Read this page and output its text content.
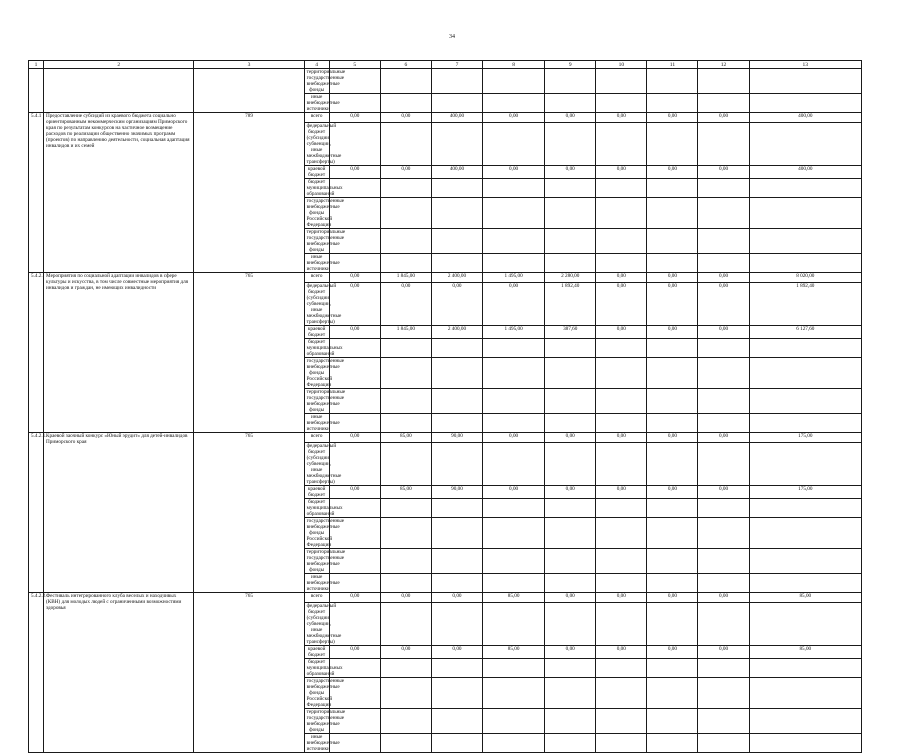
34
1	2	3	4	5	6	7	8	9	10	11	12	13
			территориальные государственные внебюджетные фонды									
			иные внебюджетные источники									
5.4.1	Предоставление субсидий из краевого бюджета социально ориентированным некоммерческим организациям Приморского края по результатам конкурсов на частичное возмещение расходов по реализации общественно значимых программ (проектов) по направлению деятельности, социальная адаптация инвалидов и их семей	789	всего	0,00	0,00	400,00	0,00	0,00	0,00	0,00	0,00	400,00
			федеральный бюджет (субсидии, субвенции, иные межбюджетные трансферты)									
			краевой бюджет	0,00	0,00	400,00	0,00	0,00	0,00	0,00	0,00	400,00
			бюджет муниципальных образований									
			государственные внебюджетные фонды Российской Федерации									
			территориальные государственные внебюджетные фонды									
			иные внебюджетные источники									
5.4.2.	Мероприятия по социальной адаптации инвалидов в сфере культуры и искусства, в том числе совместные мероприятия для инвалидов и граждан, не имеющих инвалидности	765	всего	0,00	1 845,00	2 400,00	1 495,00	2 280,00	0,00	0,00	0,00	8 020,00
			федеральный бюджет (субсидии, субвенции, иные межбюджетные трансферты)	0,00	0,00	0,00	0,00	1 892,40	0,00	0,00	0,00	1 892,40
			краевой бюджет	0,00	1 845,00	2 400,00	1 495,00	387,60	0,00	0,00	0,00	6 127,60
			бюджет муниципальных образований									
			государственные внебюджетные фонды Российской Федерации									
			территориальные государственные внебюджетные фонды									
			иные внебюджетные источники									
5.4.2.1.	Краевой заочный конкурс «Юный эрудит» для детей-инвалидов Приморского края	765	всего	0,00	85,00	90,00	0,00	0,00	0,00	0,00	0,00	175,00
			федеральный бюджет (субсидии, субвенции, иные межбюджетные трансферты)									
			краевой бюджет	0,00	85,00	90,00	0,00	0,00	0,00	0,00	0,00	175,00
			бюджет муниципальных образований									
			государственные внебюджетные фонды Российской Федерации									
			территориальные государственные внебюджетные фонды									
			иные внебюджетные источники									
5.4.2.2.	Фестиваль интегрированного клуба веселых и находчивых (КВН) для молодых людей с ограниченными возможностями здоровья	765	всего	0,00	0,00	0,00	85,00	0,00	0,00	0,00	0,00	85,00
			федеральный бюджет (субсидии, субвенции, иные межбюджетные трансферты)									
			краевой бюджет	0,00	0,00	0,00	85,00	0,00	0,00	0,00	0,00	85,00
			бюджет муниципальных образований									
			государственные внебюджетные фонды Российской Федерации									
			территориальные государственные внебюджетные фонды									
			иные внебюджетные источники									
